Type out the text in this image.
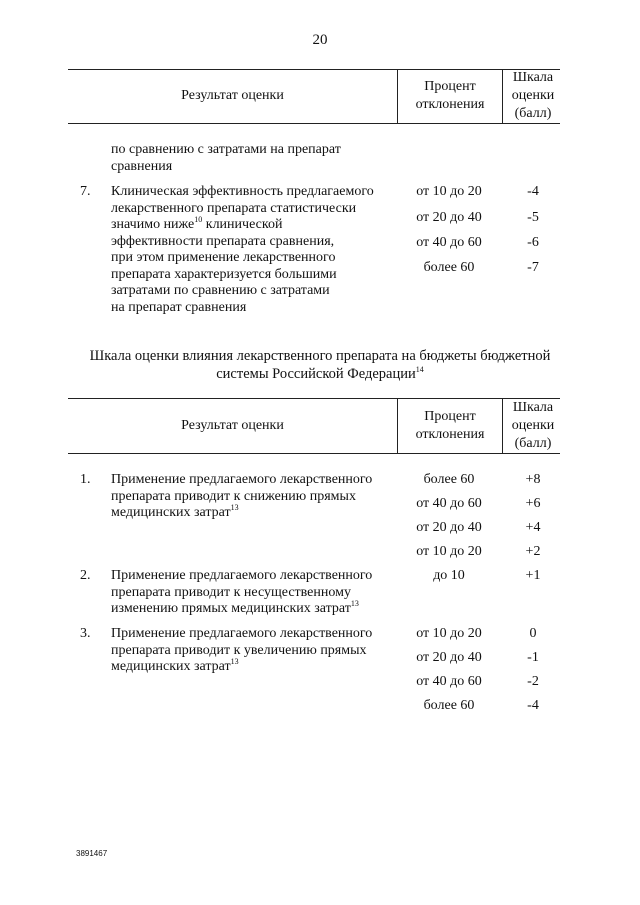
20
Результат оценки
Процент
отклонения
Шкала
оценки
(балл)
по сравнению с затратами на препарат
сравнения
7. Клиническая эффективность предлагаемого
лекарственного препарата статистически
значимо ниже$^{10}$ клинической
эффективности препарата сравнения,
при этом применение лекарственного
препарата характеризуется большими
затратами по сравнению с затратами
на препарат сравнения
от 10 до 20
от 20 до 40
от 40 до 60
более 60
-4
-5
-6
-7
Шкала оценки влияния лекарственного препарата на бюджеты бюджетной
системы Российской Федерации$^{14}$
Результат оценки
Процент
отклонения
Шкала
оценки
(балл)
1. Применение предлагаемого лекарственного
препарата приводит к снижению прямых
медицинских затрат$^{13}$
более 60
от 40 до 60
от 20 до 40
от 10 до 20
+8
+6
+4
+2
2. Применение предлагаемого лекарственного
препарата приводит к несущественному
изменению прямых медицинских затрат$^{13}$
до 10	+1
3. Применение предлагаемого лекарственного
препарата приводит к увеличению прямых
медицинских затрат$^{13}$
от 10 до 20
от 20 до 40
от 40 до 60
более 60
0
-1
-2
-4
3891467
